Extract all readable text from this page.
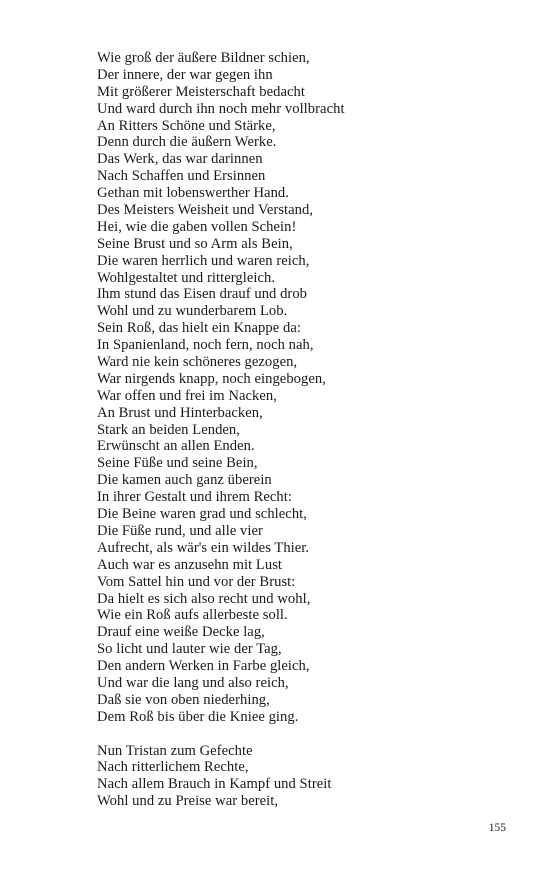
Wie groß der äußere Bildner schien,
Der innere, der war gegen ihn
Mit größerer Meisterschaft bedacht
Und ward durch ihn noch mehr vollbracht
An Ritters Schöne und Stärke,
Denn durch die äußern Werke.
Das Werk, das war darinnen
Nach Schaffen und Ersinnen
Gethan mit lobenswerther Hand.
Des Meisters Weisheit und Verstand,
Hei, wie die gaben vollen Schein!
Seine Brust und so Arm als Bein,
Die waren herrlich und waren reich,
Wohlgestaltet und rittergleich.
Ihm stund das Eisen drauf und drob
Wohl und zu wunderbarem Lob.
Sein Roß, das hielt ein Knappe da:
In Spanienland, noch fern, noch nah,
Ward nie kein schöneres gezogen,
War nirgends knapp, noch eingebogen,
War offen und frei im Nacken,
An Brust und Hinterbacken,
Stark an beiden Lenden,
Erwünscht an allen Enden.
Seine Füße und seine Bein,
Die kamen auch ganz überein
In ihrer Gestalt und ihrem Recht:
Die Beine waren grad und schlecht,
Die Füße rund, und alle vier
Aufrecht, als wär's ein wildes Thier.
Auch war es anzusehn mit Lust
Vom Sattel hin und vor der Brust:
Da hielt es sich also recht und wohl,
Wie ein Roß aufs allerbeste soll.
Drauf eine weiße Decke lag,
So licht und lauter wie der Tag,
Den andern Werken in Farbe gleich,
Und war die lang und also reich,
Daß sie von oben niederhing,
Dem Roß bis über die Kniee ging.
Nun Tristan zum Gefechte
Nach ritterlichem Rechte,
Nach allem Brauch in Kampf und Streit
Wohl und zu Preise war bereit,
155
